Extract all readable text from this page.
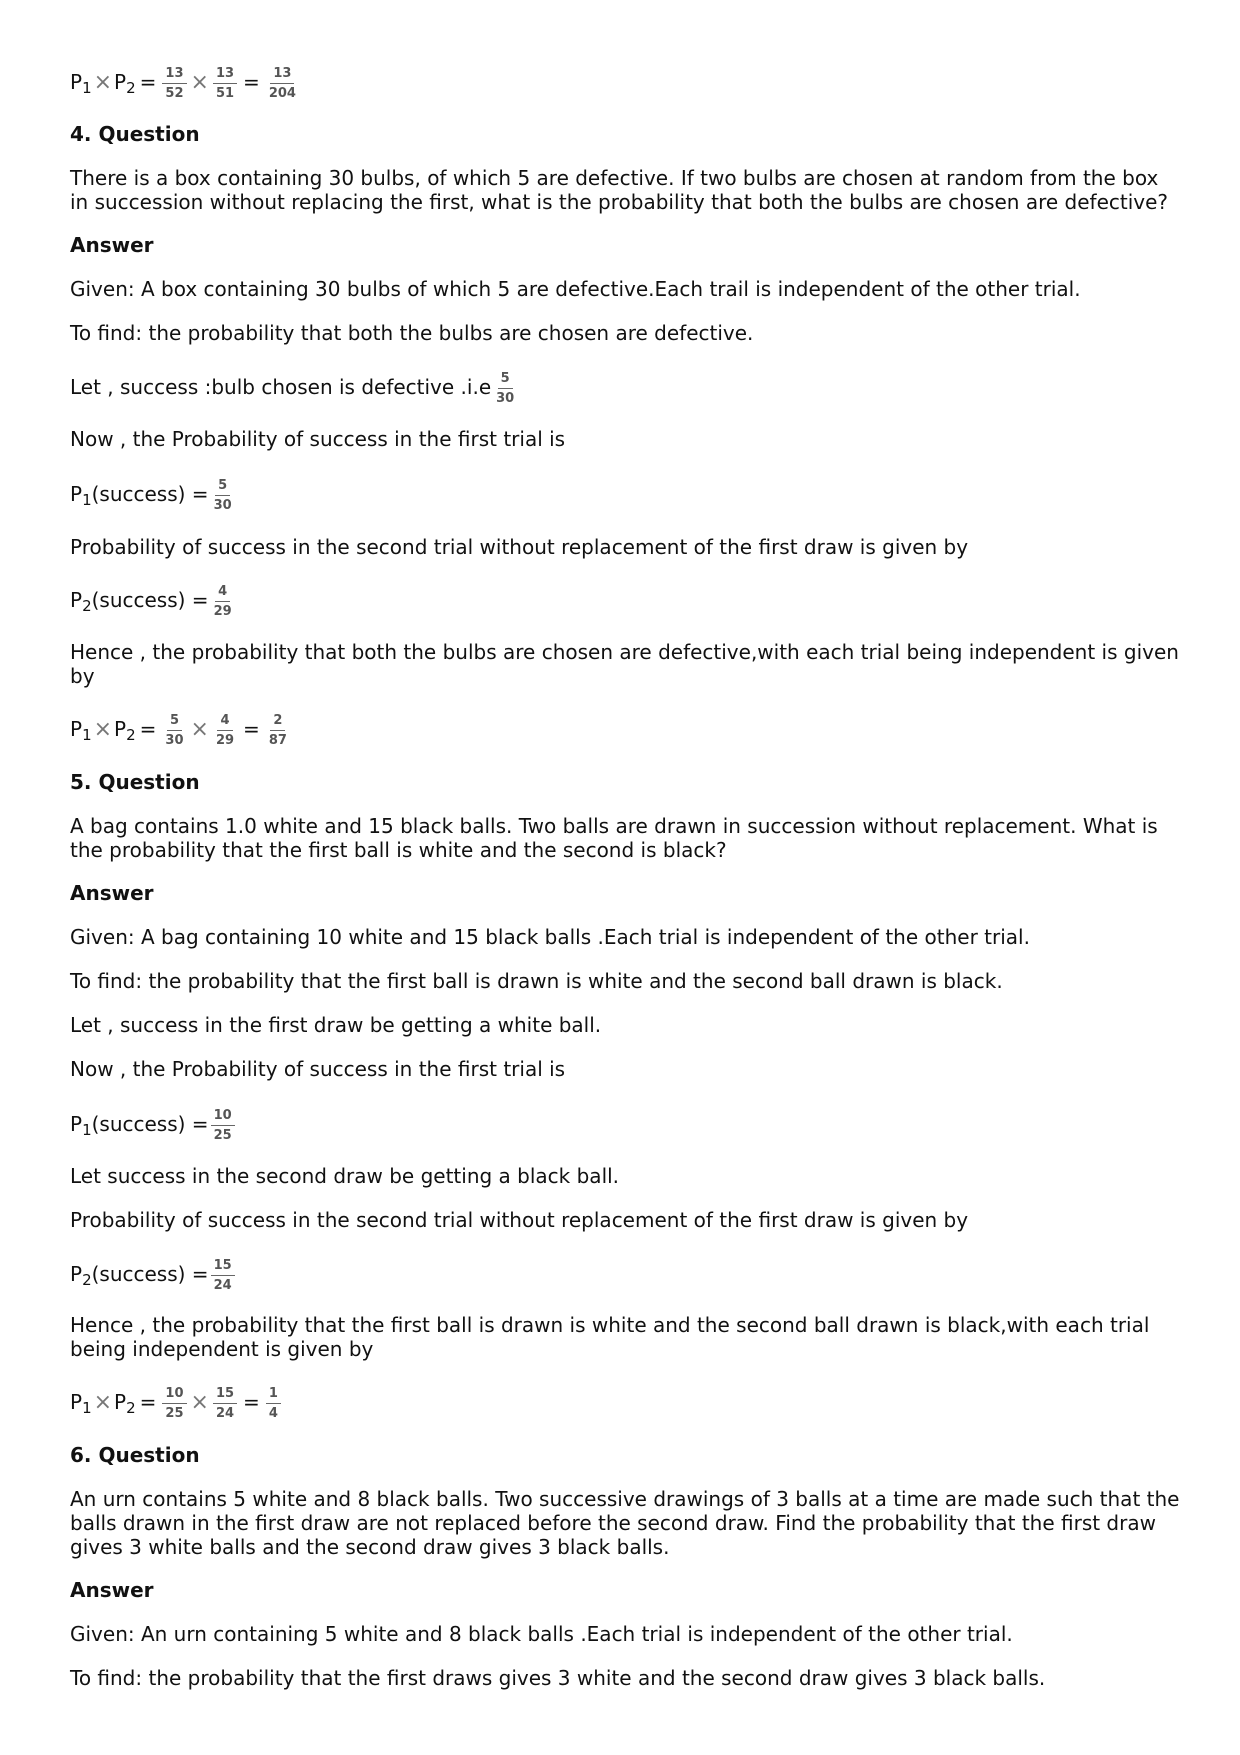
$P_1\times P_2 = \frac{13}{52} \times \frac{13}{51} = \frac{13}{204}$
4. Question
There is a box containing 30 bulbs, of which 5 are defective. If two bulbs are chosen at random from the box in succession without replacing the first, what is the probability that both the bulbs are chosen are defective?
Answer
Given: A box containing 30 bulbs of which 5 are defective.Each trail is independent of the other trial.
To find: the probability that both the bulbs are chosen are defective.
Let , success :bulb chosen is defective $.i.e \frac{5}{30}$
Now , the Probability of success in the first trial is
$P_1(success) = \frac{5}{30}$
Probability of success in the second trial without replacement of the first draw is given by
$P_2(success) = \frac{4}{29}$
Hence , the probability that both the bulbs are chosen are defective,with each trial being independent is given by
$P_1\times P_2 = \frac{5}{30} \times \frac{4}{29} = \frac{2}{87}$
5. Question
A bag contains 1.0 white and 15 black balls. Two balls are drawn in succession without replacement. What is the probability that the first ball is white and the second is black?
Answer
Given: A bag containing 10 white and 15 black balls .Each trial is independent of the other trial.
To find: the probability that the first ball is drawn is white and the second ball drawn is black.
Let , success in the first draw be getting a white ball.
Now , the Probability of success in the first trial is
$P_1(success) = \frac{10}{25}$
Let success in the second draw be getting a black ball.
Probability of success in the second trial without replacement of the first draw is given by
$P_2(success) = \frac{15}{24}$
Hence , the probability that the first ball is drawn is white and the second ball drawn is black,with each trial being independent is given by
$P_1\times P_2 = \frac{10}{25} \times \frac{15}{24} = \frac{1}{4}$
6. Question
An urn contains 5 white and 8 black balls. Two successive drawings of 3 balls at a time are made such that the balls drawn in the first draw are not replaced before the second draw. Find the probability that the first draw gives 3 white balls and the second draw gives 3 black balls.
Answer
Given: An urn containing 5 white and 8 black balls .Each trial is independent of the other trial.
To find: the probability that the first draws gives 3 white and the second draw gives 3 black balls.
